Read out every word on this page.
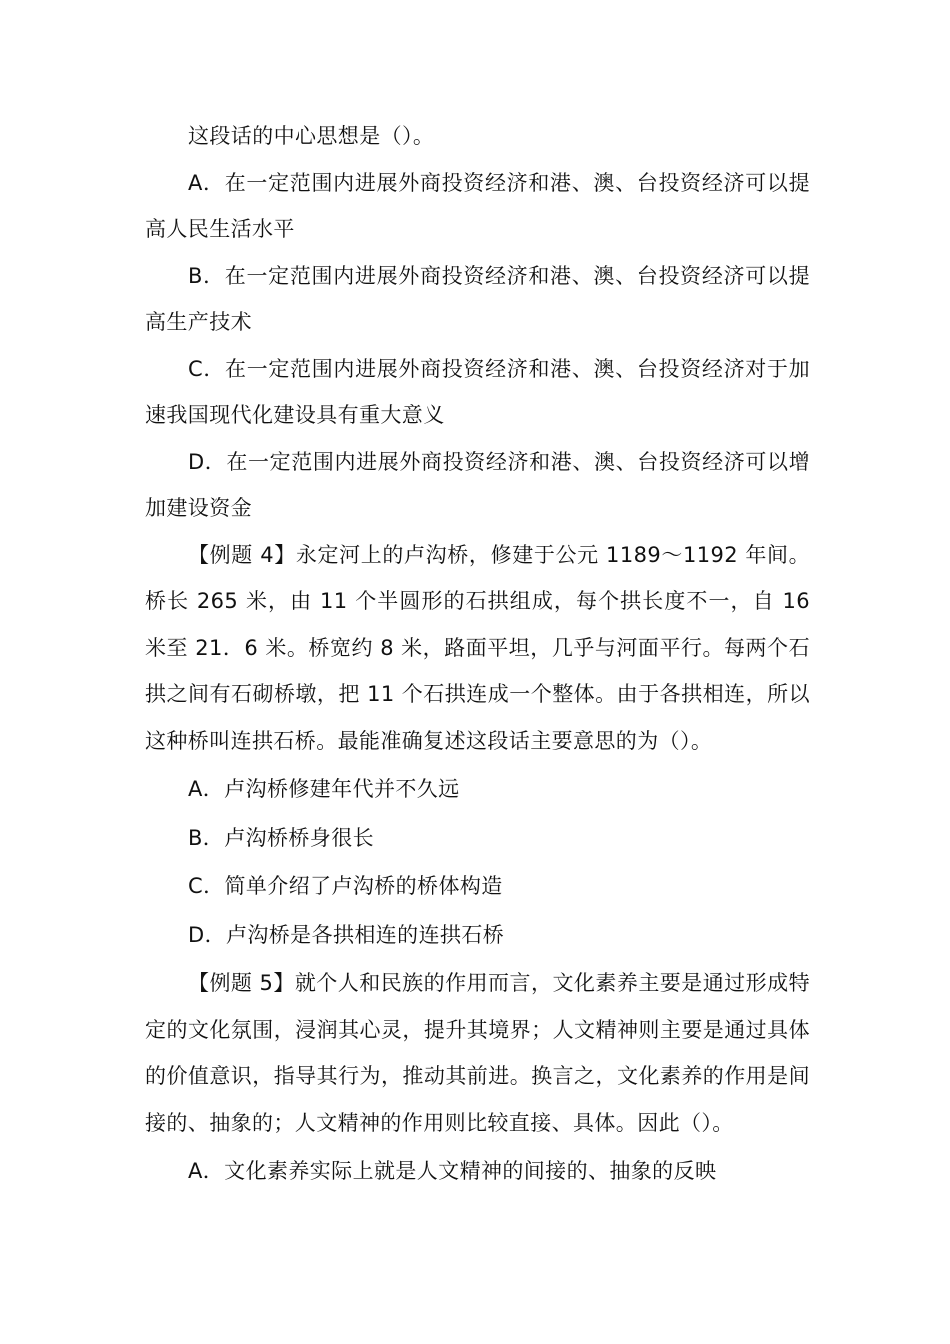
这段话的中心思想是（）。

A．在一定范围内进展外商投资经济和港、澳、台投资经济可以提高人民生活水平

B．在一定范围内进展外商投资经济和港、澳、台投资经济可以提高生产技术

C．在一定范围内进展外商投资经济和港、澳、台投资经济对于加速我国现代化建设具有重大意义

D．在一定范围内进展外商投资经济和港、澳、台投资经济可以增加建设资金

【例题 4】永定河上的卢沟桥，修建于公元 1189～1192 年间。桥长 265 米，由 11 个半圆形的石拱组成，每个拱长度不一，自 16 米至 21．6 米。桥宽约 8 米，路面平坦，几乎与河面平行。每两个石拱之间有石砌桥墩，把 11 个石拱连成一个整体。由于各拱相连，所以这种桥叫连拱石桥。最能准确复述这段话主要意思的为（）。

A．卢沟桥修建年代并不久远

B．卢沟桥桥身很长

C．简单介绍了卢沟桥的桥体构造

D．卢沟桥是各拱相连的连拱石桥

【例题 5】就个人和民族的作用而言，文化素养主要是通过形成特定的文化氛围，浸润其心灵，提升其境界；人文精神则主要是通过具体的价值意识，指导其行为，推动其前进。换言之，文化素养的作用是间接的、抽象的；人文精神的作用则比较直接、具体。因此（）。

A．文化素养实际上就是人文精神的间接的、抽象的反映
